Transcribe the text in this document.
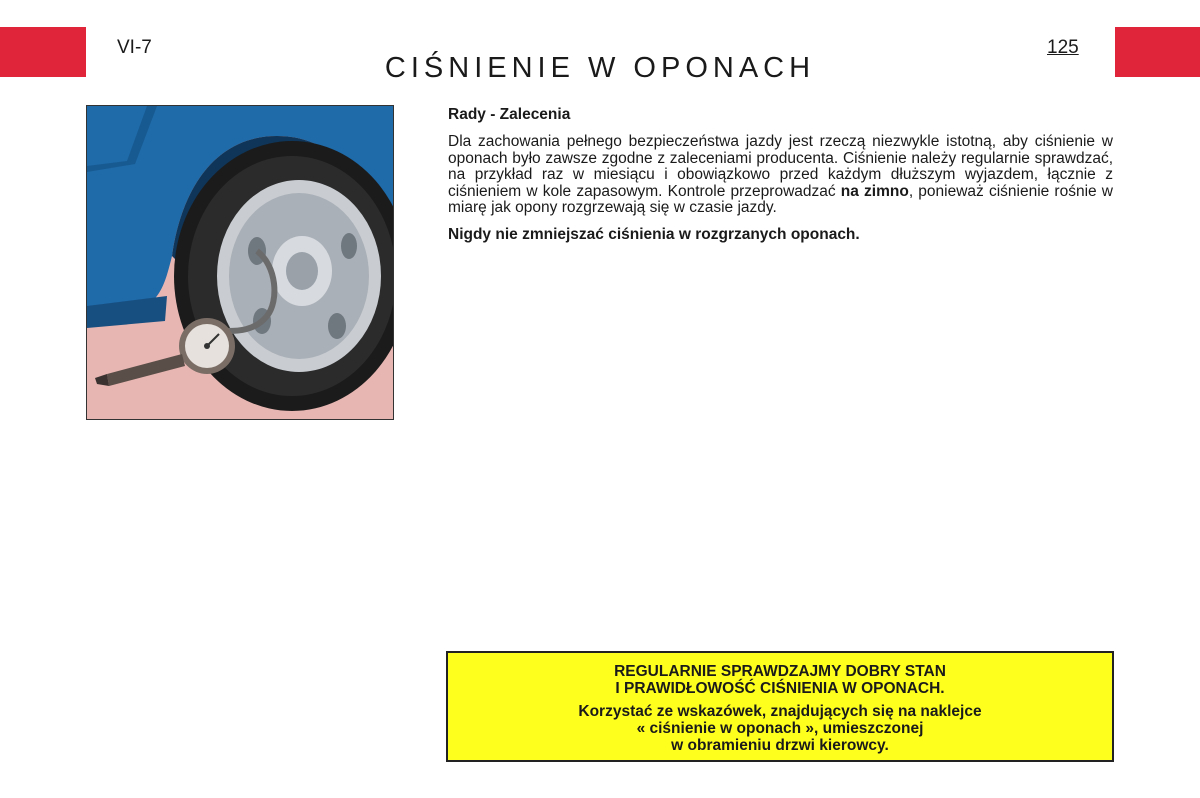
VI-7
CIŚNIENIE W OPONACH
125

Rady - Zalecenia

Dla zachowania pełnego bezpieczeństwa jazdy jest rzeczą niezwykle istotną, aby ciśnienie w oponach było zawsze zgodne z zaleceniami producenta. Ciśnienie należy regularnie sprawdzać, na przykład raz w miesiącu i obowiązkowo przed każdym dłuższym wyjazdem, łącznie z ciśnieniem w kole zapasowym. Kontrole przeprowadzać na zimno, ponieważ ciśnienie rośnie w miarę jak opony rozgrzewają się w czasie jazdy.

Nigdy nie zmniejszać ciśnienia w rozgrzanych oponach.

REGULARNIE SPRAWDZAJMY DOBRY STAN
I PRAWIDŁOWOŚĆ CIŚNIENIA W OPONACH.

Korzystać ze wskazówek, znajdujących się na naklejce
« ciśnienie w oponach », umieszczonej
w obramieniu drzwi kierowcy.
